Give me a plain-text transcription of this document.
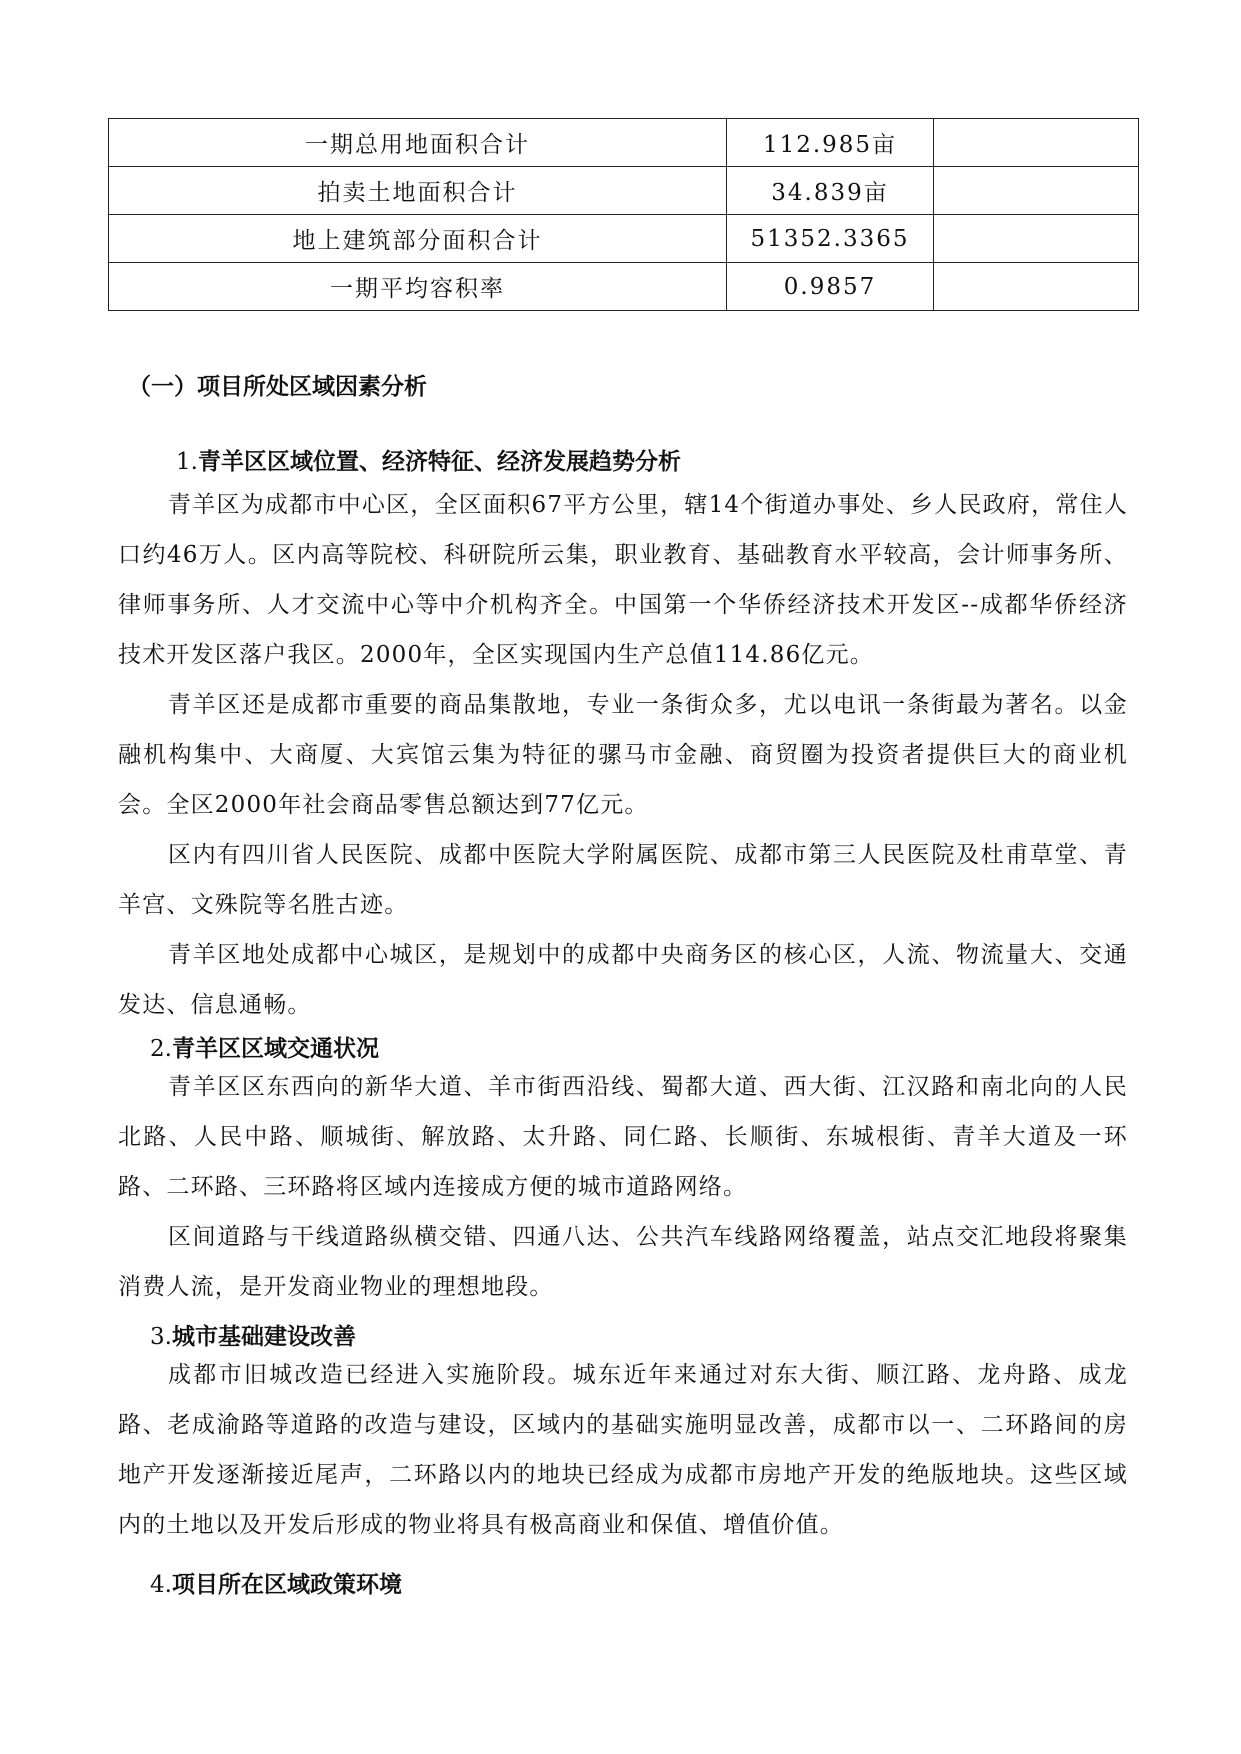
一期总用地面积合计	112.985亩	
拍卖土地面积合计	34.839亩	
地上建筑部分面积合计	51352.3365	
一期平均容积率	0.9857	
（一）项目所处区域因素分析
1.青羊区区域位置、经济特征、经济发展趋势分析
青羊区为成都市中心区，全区面积67平方公里，辖14个街道办事处、乡人民政府，常住人口约46万人。区内高等院校、科研院所云集，职业教育、基础教育水平较高，会计师事务所、律师事务所、人才交流中心等中介机构齐全。中国第一个华侨经济技术开发区--成都华侨经济技术开发区落户我区。2000年，全区实现国内生产总值114.86亿元。
青羊区还是成都市重要的商品集散地，专业一条街众多，尤以电讯一条街最为著名。以金融机构集中、大商厦、大宾馆云集为特征的骡马市金融、商贸圈为投资者提供巨大的商业机会。全区2000年社会商品零售总额达到77亿元。
区内有四川省人民医院、成都中医院大学附属医院、成都市第三人民医院及杜甫草堂、青羊宫、文殊院等名胜古迹。
青羊区地处成都中心城区，是规划中的成都中央商务区的核心区，人流、物流量大、交通发达、信息通畅。
2.青羊区区域交通状况
青羊区区东西向的新华大道、羊市街西沿线、蜀都大道、西大街、江汉路和南北向的人民北路、人民中路、顺城街、解放路、太升路、同仁路、长顺街、东城根街、青羊大道及一环路、二环路、三环路将区域内连接成方便的城市道路网络。
区间道路与干线道路纵横交错、四通八达、公共汽车线路网络覆盖，站点交汇地段将聚集消费人流，是开发商业物业的理想地段。
3.城市基础建设改善
成都市旧城改造已经进入实施阶段。城东近年来通过对东大街、顺江路、龙舟路、成龙路、老成渝路等道路的改造与建设，区域内的基础实施明显改善，成都市以一、二环路间的房地产开发逐渐接近尾声，二环路以内的地块已经成为成都市房地产开发的绝版地块。这些区域内的土地以及开发后形成的物业将具有极高商业和保值、增值价值。
4.项目所在区域政策环境
